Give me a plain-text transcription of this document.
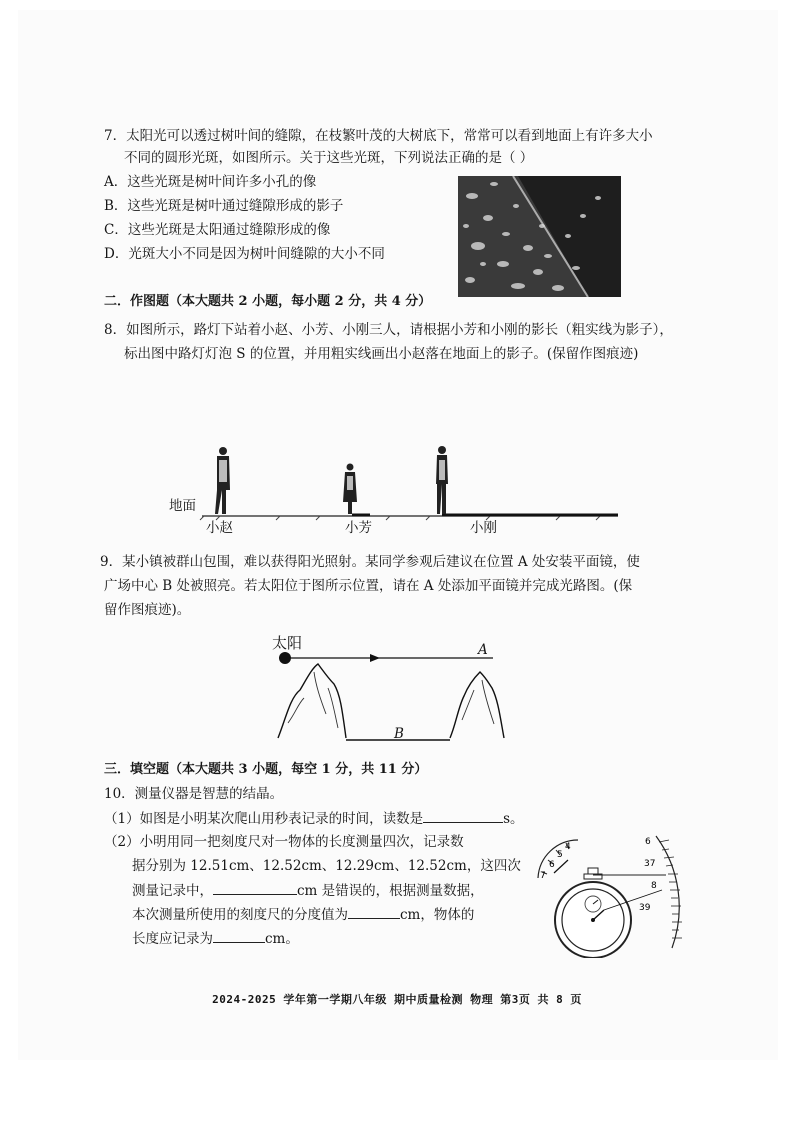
7．太阳光可以透过树叶间的缝隙，在枝繁叶茂的大树底下，常常可以看到地面上有许多大小
不同的圆形光斑，如图所示。关于这些光斑，下列说法正确的是（ ）
A．这些光斑是树叶间许多小孔的像
B．这些光斑是树叶通过缝隙形成的影子
C．这些光斑是太阳通过缝隙形成的像
D．光斑大小不同是因为树叶间缝隙的大小不同
二．作图题（本大题共 2 小题，每小题 2 分，共 4 分）
8．如图所示，路灯下站着小赵、小芳、小刚三人，请根据小芳和小刚的影长（粗实线为影子），
标出图中路灯灯泡 S 的位置，并用粗实线画出小赵落在地面上的影子。(保留作图痕迹)
地面
小赵	小芳	小刚
9．某小镇被群山包围，难以获得阳光照射。某同学参观后建议在位置 A 处安装平面镜，使
广场中心 B 处被照亮。若太阳位于图所示位置，请在 A 处添加平面镜并完成光路图。(保
留作图痕迹)。
太阳	A
B
三．填空题（本大题共 3 小题，每空 1 分，共 11 分）
10．测量仪器是智慧的结晶。
（1）如图是小明某次爬山用秒表记录的时间，读数是	s。
（2）小明用同一把刻度尺对一物体的长度测量四次，记录数
据分别为 12.51cm、12.52cm、12.29cm、12.52cm，这四次
测量记录中，	cm 是错误的，根据测量数据，
本次测量所使用的刻度尺的分度值为	cm，物体的
长度应记录为	cm。
4
5
6
7
6
37
8
39
2024-2025 学年第一学期八年级 期中质量检测 物理 第3页 共 8 页
